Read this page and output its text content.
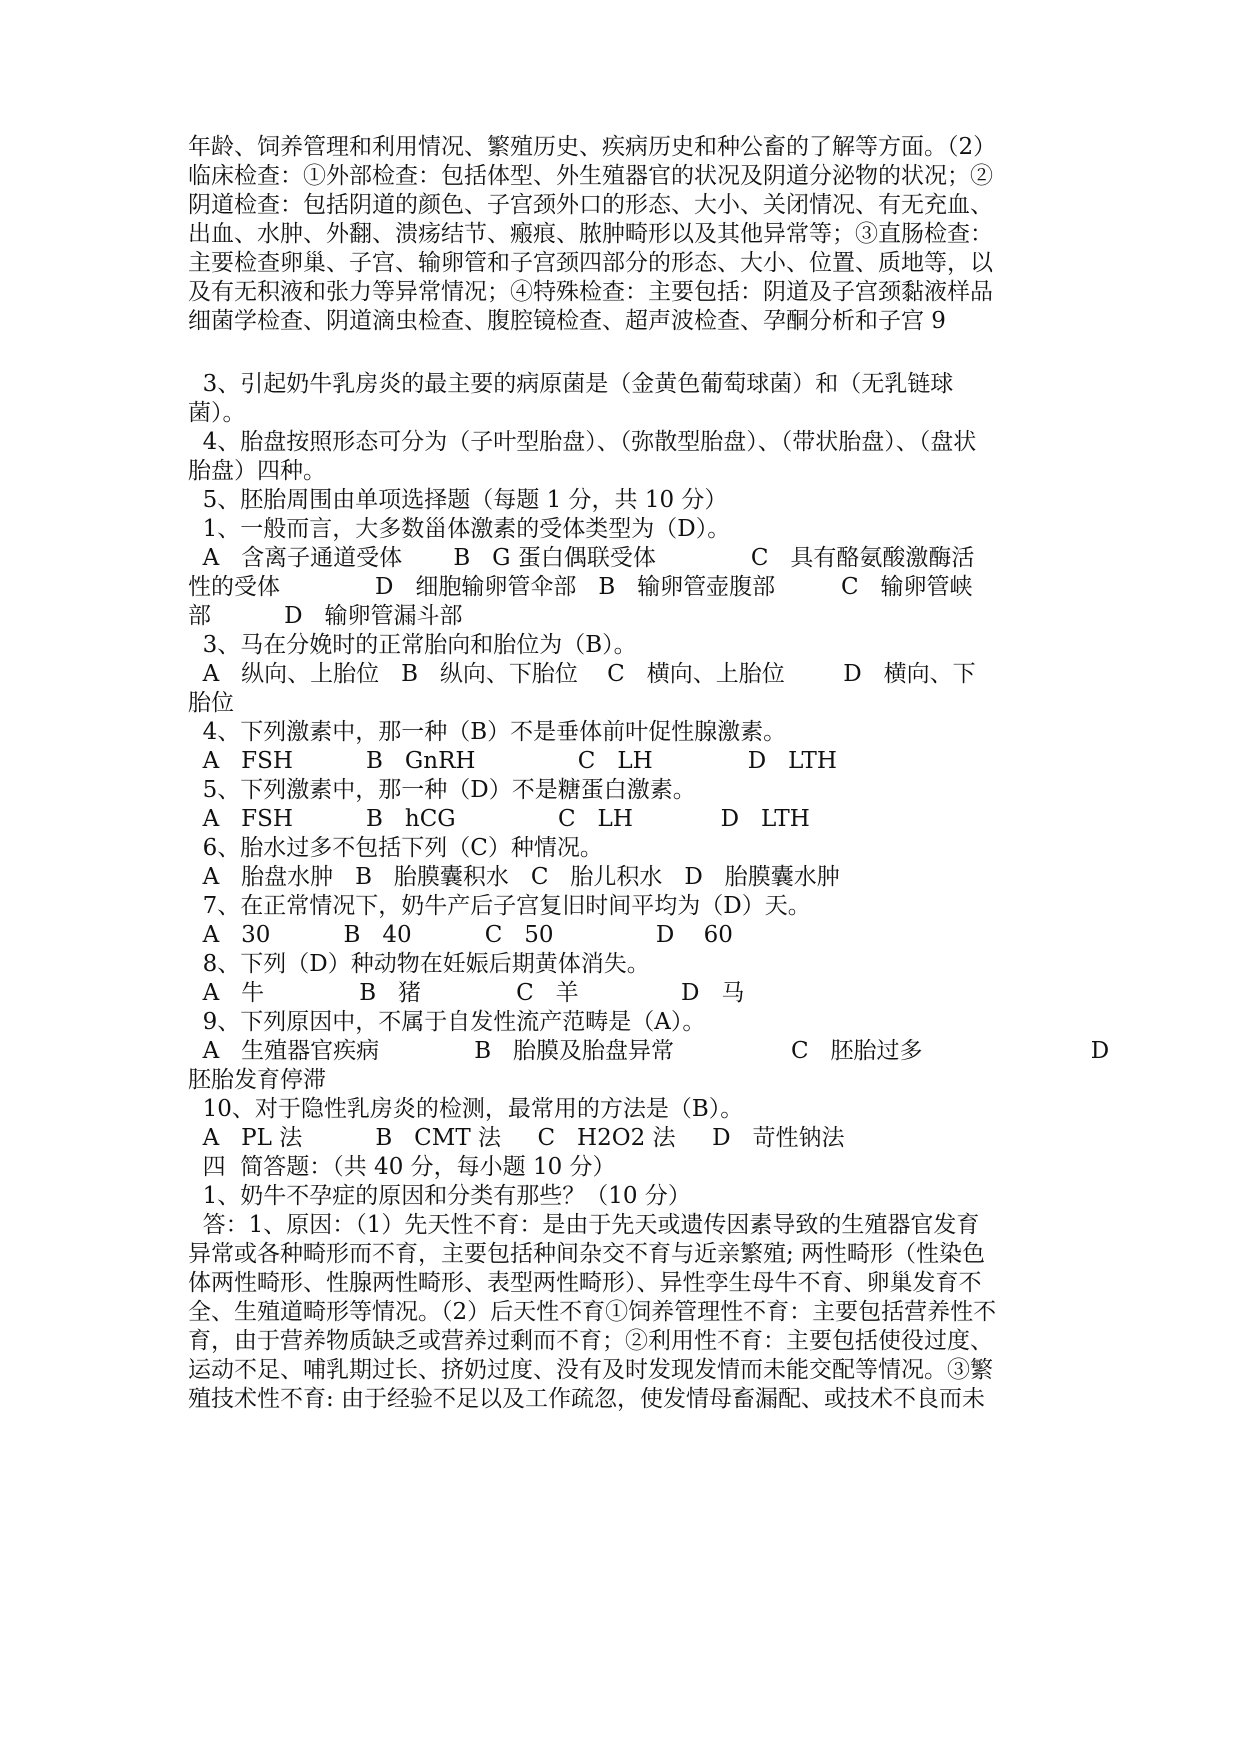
年龄、饲养管理和利用情况、繁殖历史、疾病历史和种公畜的了解等方面。（2）
临床检查：①外部检查：包括体型、外生殖器官的状况及阴道分泌物的状况；②
阴道检查：包括阴道的颜色、子宫颈外口的形态、大小、关闭情况、有无充血、
出血、水肿、外翻、溃疡结节、瘢痕、脓肿畸形以及其他异常等；③直肠检查：
主要检查卵巢、子宫、输卵管和子宫颈四部分的形态、大小、位置、质地等，以
及有无积液和张力等异常情况；④特殊检查：主要包括：阴道及子宫颈黏液样品
细菌学检查、阴道滴虫检查、腹腔镜检查、超声波检查、孕酮分析和子宫 9
3、引起奶牛乳房炎的最主要的病原菌是（金黄色葡萄球菌）和（无乳链球
菌）。
4、胎盘按照形态可分为（子叶型胎盘）、（弥散型胎盘）、（带状胎盘）、（盘状
胎盘）四种。
5、胚胎周围由单项选择题（每题 1 分，共 10 分）
1、一般而言，大多数甾体激素的受体类型为（D）。
A   含离子通道受体       B   G 蛋白偶联受体             C   具有酪氨酸激酶活
性的受体             D   细胞输卵管伞部   B   输卵管壶腹部         C   输卵管峡
部          D   输卵管漏斗部
3、马在分娩时的正常胎向和胎位为（B）。
A   纵向、上胎位   B   纵向、下胎位    C   横向、上胎位        D   横向、下
胎位
4、下列激素中，那一种（B）不是垂体前叶促性腺激素。
A   FSH          B   GnRH              C   LH             D   LTH
5、下列激素中，那一种（D）不是糖蛋白激素。
A   FSH          B   hCG              C   LH            D   LTH
6、胎水过多不包括下列（C）种情况。
A   胎盘水肿   B   胎膜囊积水   C   胎儿积水   D   胎膜囊水肿
7、在正常情况下，奶牛产后子宫复旧时间平均为（D）天。
A   30          B   40          C   50              D    60
8、下列（D）种动物在妊娠后期黄体消失。
A   牛             B   猪             C   羊              D   马
9、下列原因中，不属于自发性流产范畴是（A）。
A   生殖器官疾病             B   胎膜及胎盘异常                C   胚胎过多                       D
胚胎发育停滞
10、对于隐性乳房炎的检测，最常用的方法是（B）。
A   PL 法          B   CMT 法     C   H2O2 法     D   苛性钠法
四  简答题：（共 40 分，每小题 10 分）
1、奶牛不孕症的原因和分类有那些？（10 分）
答：1、原因：（1）先天性不育：是由于先天或遗传因素导致的生殖器官发育
异常或各种畸形而不育，主要包括种间杂交不育与近亲繁殖; 两性畸形（性染色
体两性畸形、性腺两性畸形、表型两性畸形）、异性孪生母牛不育、卵巢发育不
全、生殖道畸形等情况。（2）后天性不育①饲养管理性不育：主要包括营养性不
育，由于营养物质缺乏或营养过剩而不育；②利用性不育：主要包括使役过度、
运动不足、哺乳期过长、挤奶过度、没有及时发现发情而未能交配等情况。③繁
殖技术性不育: 由于经验不足以及工作疏忽，使发情母畜漏配、或技术不良而未
